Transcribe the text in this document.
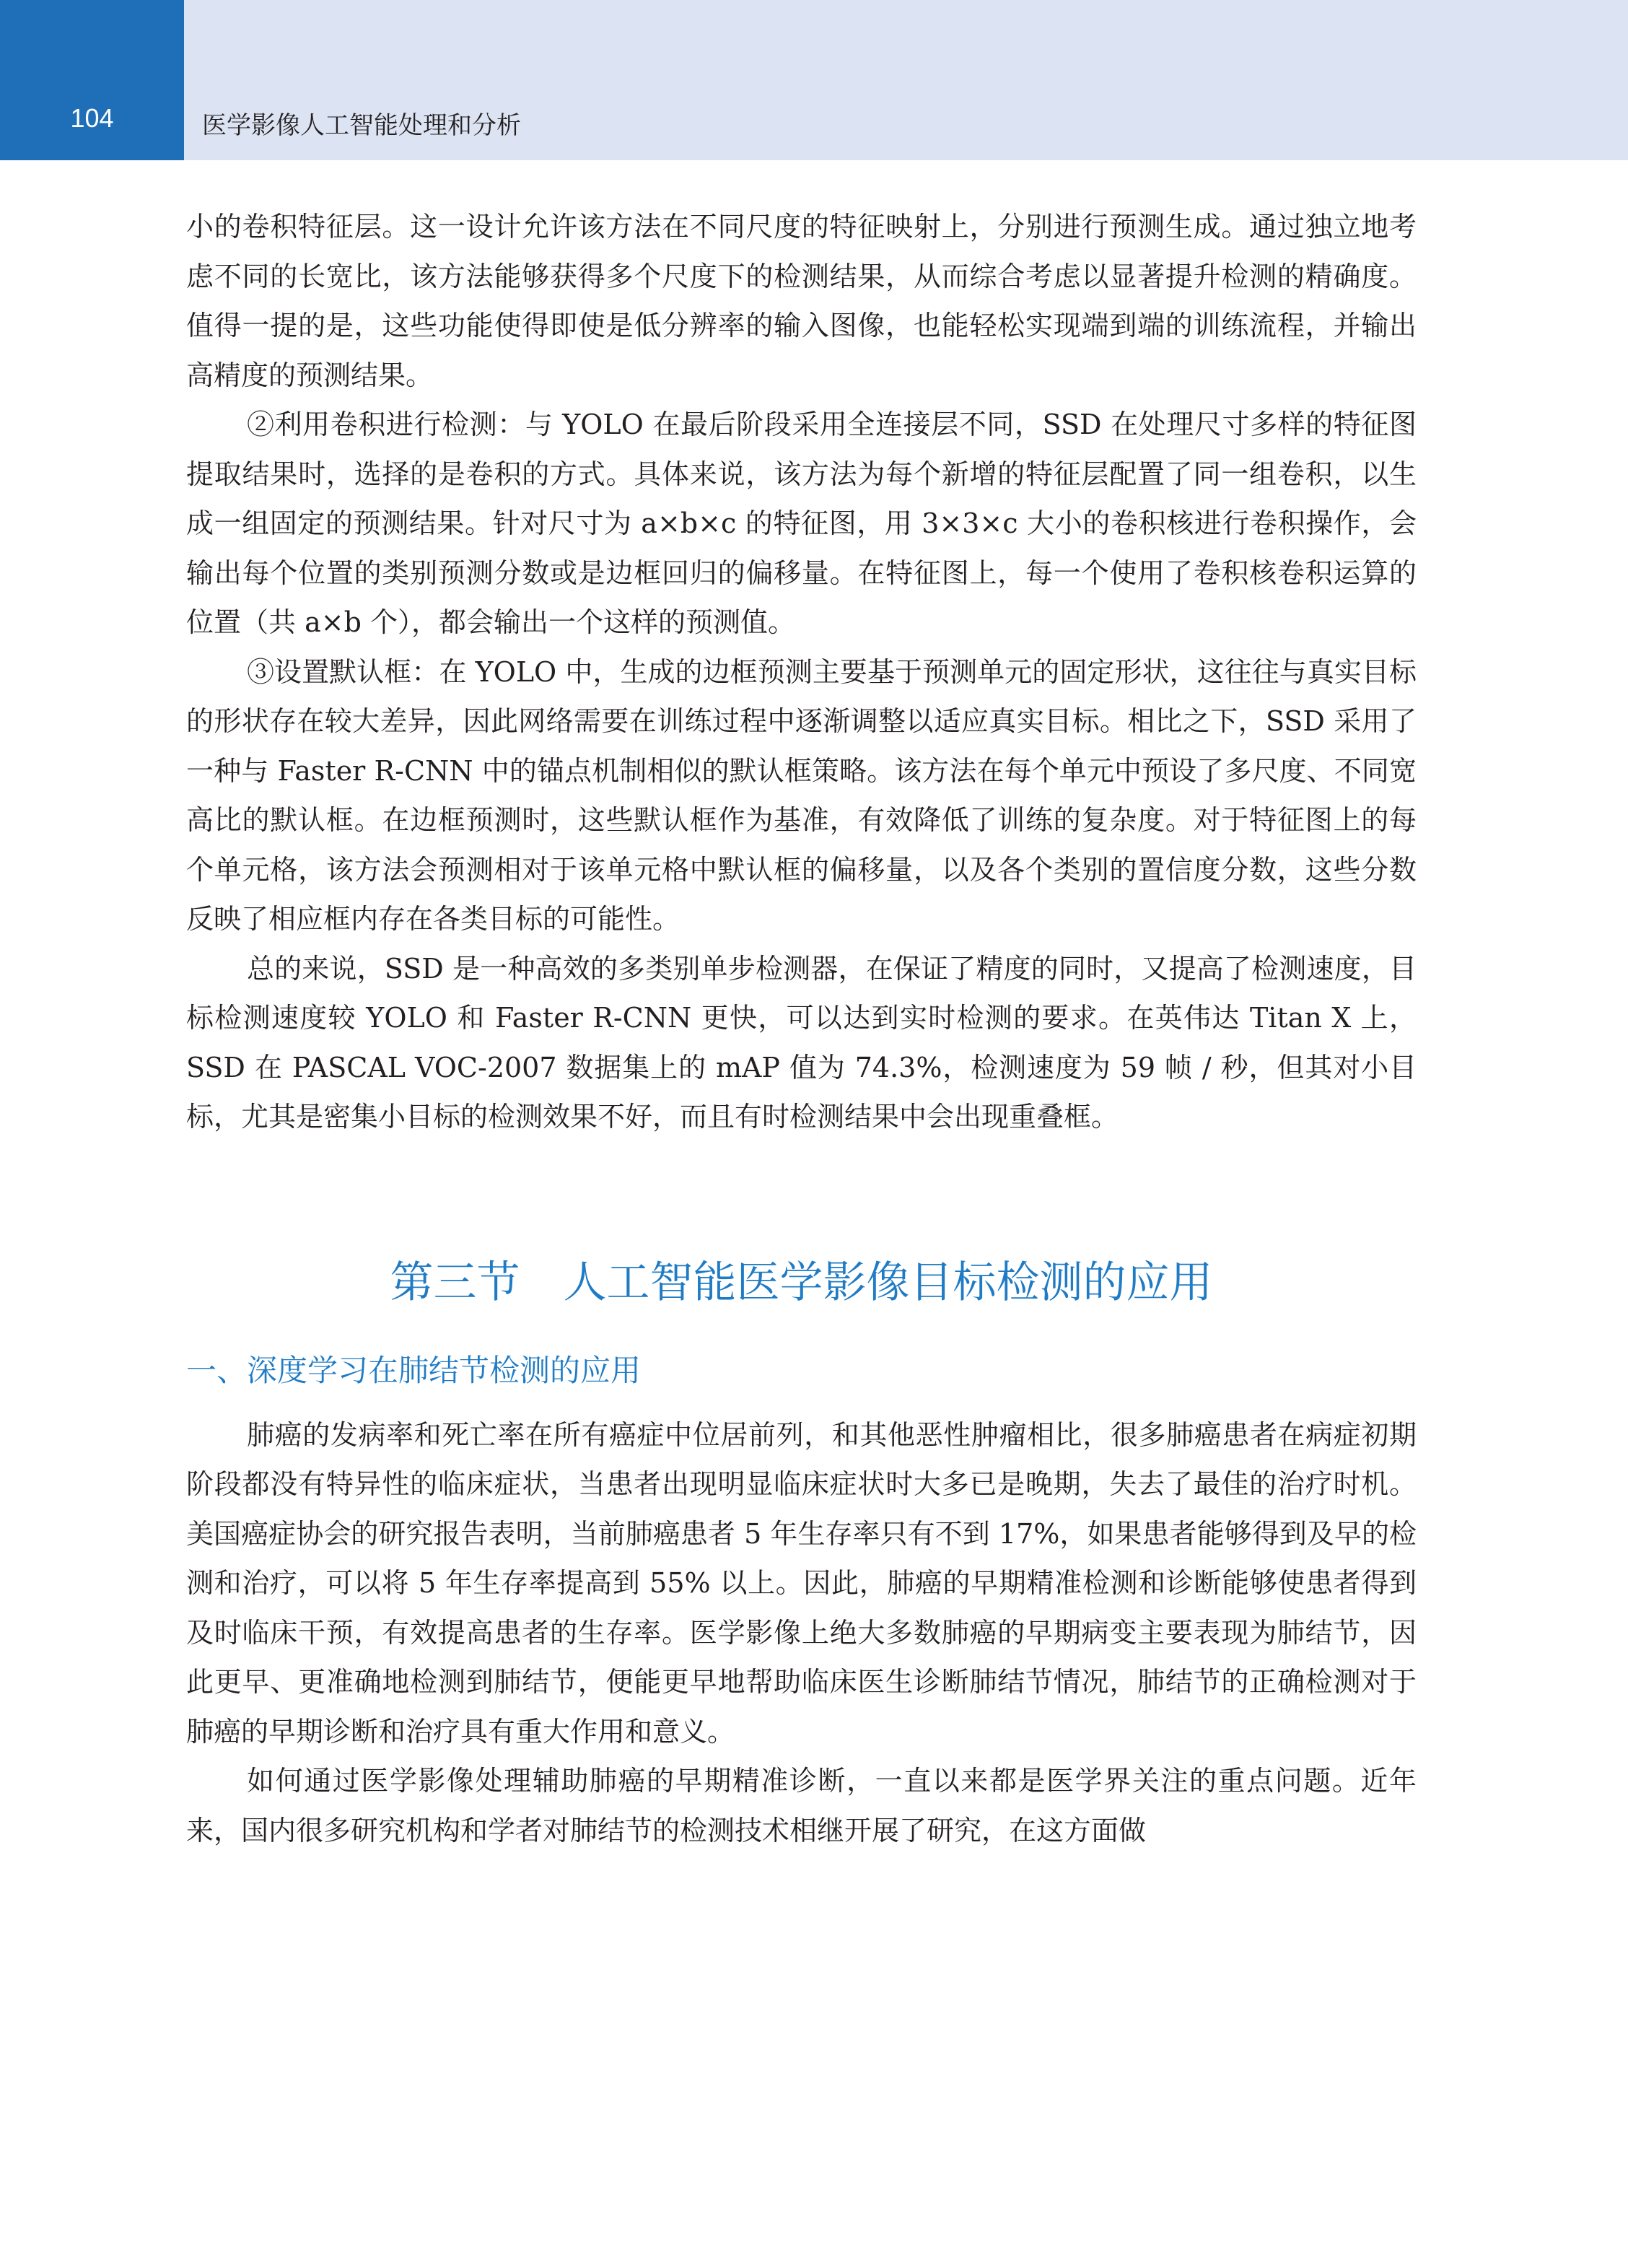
104	医学影像人工智能处理和分析

小的卷积特征层。这一设计允许该方法在不同尺度的特征映射上，分别进行预测生成。通过独立地考虑不同的长宽比，该方法能够获得多个尺度下的检测结果，从而综合考虑以显著提升检测的精确度。值得一提的是，这些功能使得即使是低分辨率的输入图像，也能轻松实现端到端的训练流程，并输出高精度的预测结果。

②利用卷积进行检测：与 YOLO 在最后阶段采用全连接层不同，SSD 在处理尺寸多样的特征图提取结果时，选择的是卷积的方式。具体来说，该方法为每个新增的特征层配置了同一组卷积，以生成一组固定的预测结果。针对尺寸为 a×b×c 的特征图，用 3×3×c 大小的卷积核进行卷积操作，会输出每个位置的类别预测分数或是边框回归的偏移量。在特征图上，每一个使用了卷积核卷积运算的位置（共 a×b 个），都会输出一个这样的预测值。

③设置默认框：在 YOLO 中，生成的边框预测主要基于预测单元的固定形状，这往往与真实目标的形状存在较大差异，因此网络需要在训练过程中逐渐调整以适应真实目标。相比之下，SSD 采用了一种与 Faster R-CNN 中的锚点机制相似的默认框策略。该方法在每个单元中预设了多尺度、不同宽高比的默认框。在边框预测时，这些默认框作为基准，有效降低了训练的复杂度。对于特征图上的每个单元格，该方法会预测相对于该单元格中默认框的偏移量，以及各个类别的置信度分数，这些分数反映了相应框内存在各类目标的可能性。

总的来说，SSD 是一种高效的多类别单步检测器，在保证了精度的同时，又提高了检测速度，目标检测速度较 YOLO 和 Faster R-CNN 更快，可以达到实时检测的要求。在英伟达 Titan X 上，SSD 在 PASCAL VOC-2007 数据集上的 mAP 值为 74.3%，检测速度为 59 帧 / 秒，但其对小目标，尤其是密集小目标的检测效果不好，而且有时检测结果中会出现重叠框。

第三节　人工智能医学影像目标检测的应用
一、深度学习在肺结节检测的应用

肺癌的发病率和死亡率在所有癌症中位居前列，和其他恶性肿瘤相比，很多肺癌患者在病症初期阶段都没有特异性的临床症状，当患者出现明显临床症状时大多已是晚期，失去了最佳的治疗时机。美国癌症协会的研究报告表明，当前肺癌患者 5 年生存率只有不到 17%，如果患者能够得到及早的检测和治疗，可以将 5 年生存率提高到 55% 以上。因此，肺癌的早期精准检测和诊断能够使患者得到及时临床干预，有效提高患者的生存率。医学影像上绝大多数肺癌的早期病变主要表现为肺结节，因此更早、更准确地检测到肺结节，便能更早地帮助临床医生诊断肺结节情况，肺结节的正确检测对于肺癌的早期诊断和治疗具有重大作用和意义。

如何通过医学影像处理辅助肺癌的早期精准诊断，一直以来都是医学界关注的重点问题。近年来，国内很多研究机构和学者对肺结节的检测技术相继开展了研究，在这方面做
